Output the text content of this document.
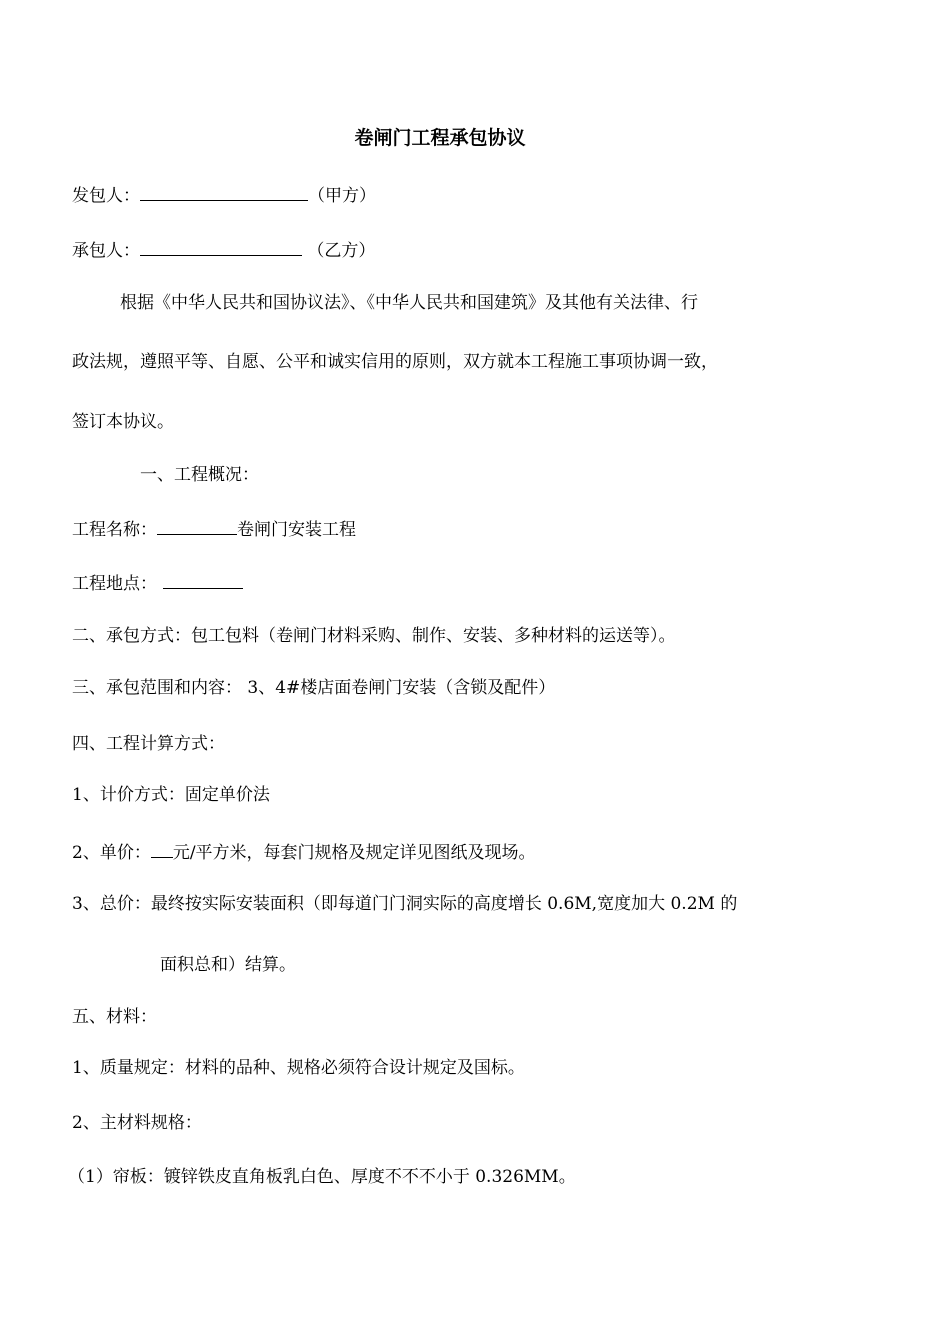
卷闸门工程承包协议
发包人：	（甲方）
承包人：	（乙方）
根据《中华人民共和国协议法》、《中华人民共和国建筑》及其他有关法律、行
政法规，遵照平等、自愿、公平和诚实信用的原则，双方就本工程施工事项协调一致，
签订本协议。
一、工程概况：
工程名称：	卷闸门安装工程
工程地点：
二、承包方式：包工包料（卷闸门材料采购、制作、安装、多种材料的运送等）。
三、承包范围和内容： 3、4#楼店面卷闸门安装（含锁及配件）
四、工程计算方式：
1、计价方式：固定单价法
2、单价： 元/平方米，每套门规格及规定详见图纸及现场。
3、总价：最终按实际安装面积（即每道门门洞实际的高度增长 0.6M,宽度加大 0.2M 的
面积总和）结算。
五、材料：
1、质量规定：材料的品种、规格必须符合设计规定及国标。
2、主材料规格：
（1）帘板：镀锌铁皮直角板乳白色、厚度不不不小于 0.326MM。
